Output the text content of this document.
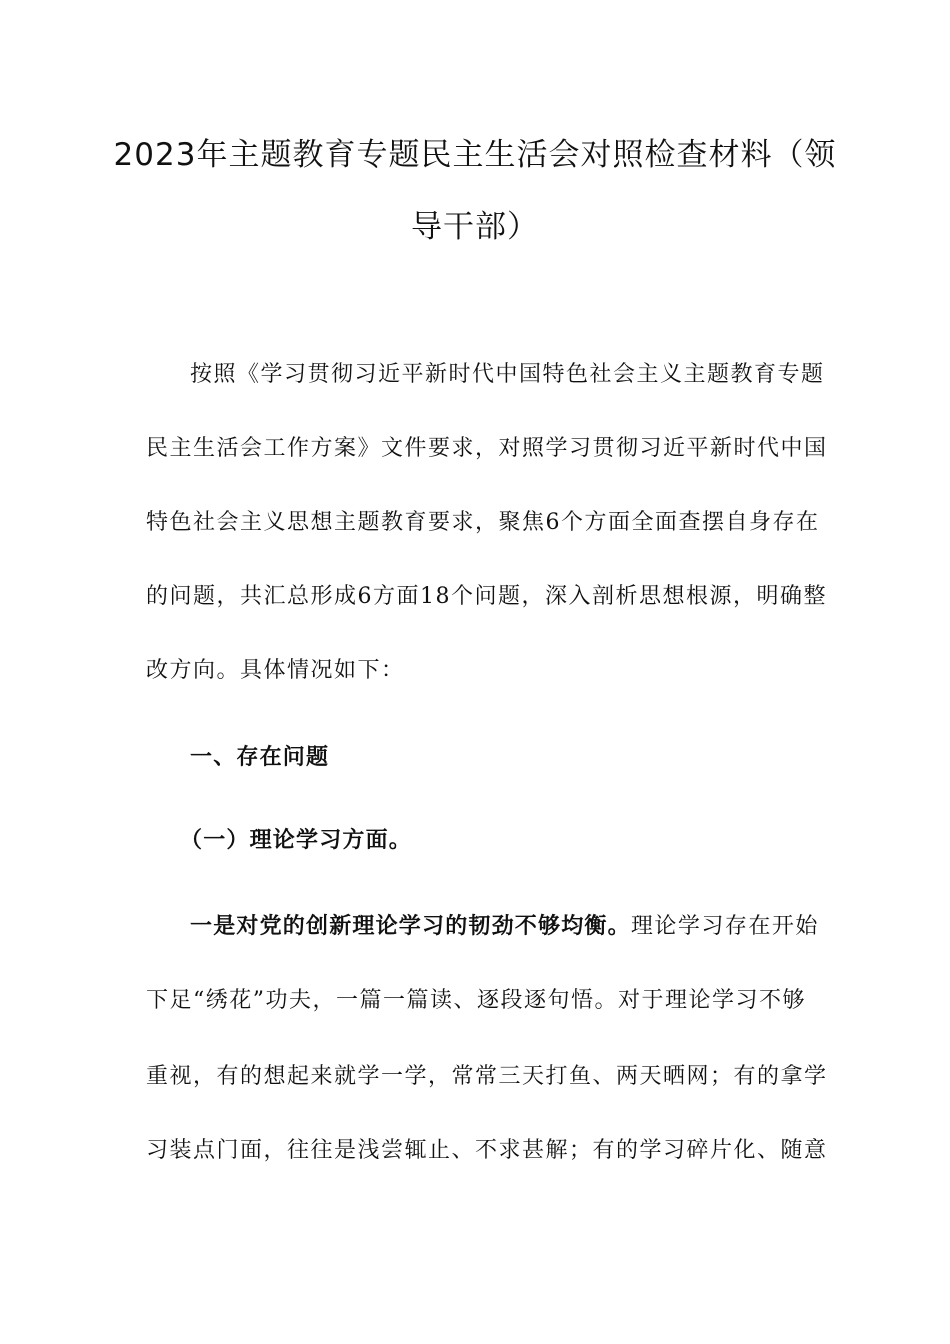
2023年主题教育专题民主生活会对照检查材料（领
导干部）
按照《学习贯彻习近平新时代中国特色社会主义主题教育专题
民主生活会工作方案》文件要求，对照学习贯彻习近平新时代中国
特色社会主义思想主题教育要求，聚焦6个方面全面查摆自身存在
的问题，共汇总形成6方面18个问题，深入剖析思想根源，明确整
改方向。具体情况如下：
一、存在问题
（一）理论学习方面。
一是对党的创新理论学习的韧劲不够均衡。理论学习存在开始
下足“绣花”功夫，一篇一篇读、逐段逐句悟。对于理论学习不够
重视，有的想起来就学一学，常常三天打鱼、两天晒网；有的拿学
习装点门面，往往是浅尝辄止、不求甚解；有的学习碎片化、随意
